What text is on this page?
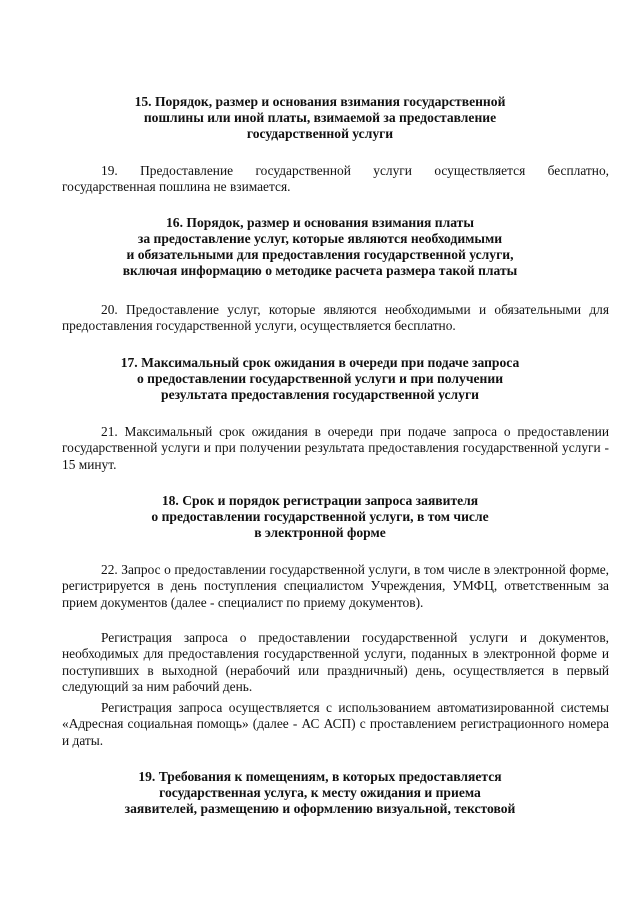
15. Порядок, размер и основания взимания государственной
пошлины или иной платы, взимаемой за предоставление
государственной услуги
19. Предоставление государственной услуги осуществляется бесплатно, государственная пошлина не взимается.
16. Порядок, размер и основания взимания платы
за предоставление услуг, которые являются необходимыми
и обязательными для предоставления государственной услуги,
включая информацию о методике расчета размера такой платы
20. Предоставление услуг, которые являются необходимыми и обязательными для предоставления государственной услуги, осуществляется бесплатно.
17. Максимальный срок ожидания в очереди при подаче запроса
о предоставлении государственной услуги и при получении
результата предоставления государственной услуги
21. Максимальный срок ожидания в очереди при подаче запроса о предоставлении государственной услуги и при получении результата предоставления государственной услуги - 15 минут.
18. Срок и порядок регистрации запроса заявителя
о предоставлении государственной услуги, в том числе
в электронной форме
22. Запрос о предоставлении государственной услуги, в том числе в электронной форме, регистрируется в день поступления специалистом Учреждения, УМФЦ, ответственным за прием документов (далее - специалист по приему документов).
Регистрация запроса о предоставлении государственной услуги и документов, необходимых для предоставления государственной услуги, поданных в электронной форме и поступивших в выходной (нерабочий или праздничный) день, осуществляется в первый следующий за ним рабочий день.
Регистрация запроса осуществляется с использованием автоматизированной системы «Адресная социальная помощь» (далее - АС АСП) с проставлением регистрационного номера и даты.
19. Требования к помещениям, в которых предоставляется
государственная услуга, к месту ожидания и приема
заявителей, размещению и оформлению визуальной, текстовой
